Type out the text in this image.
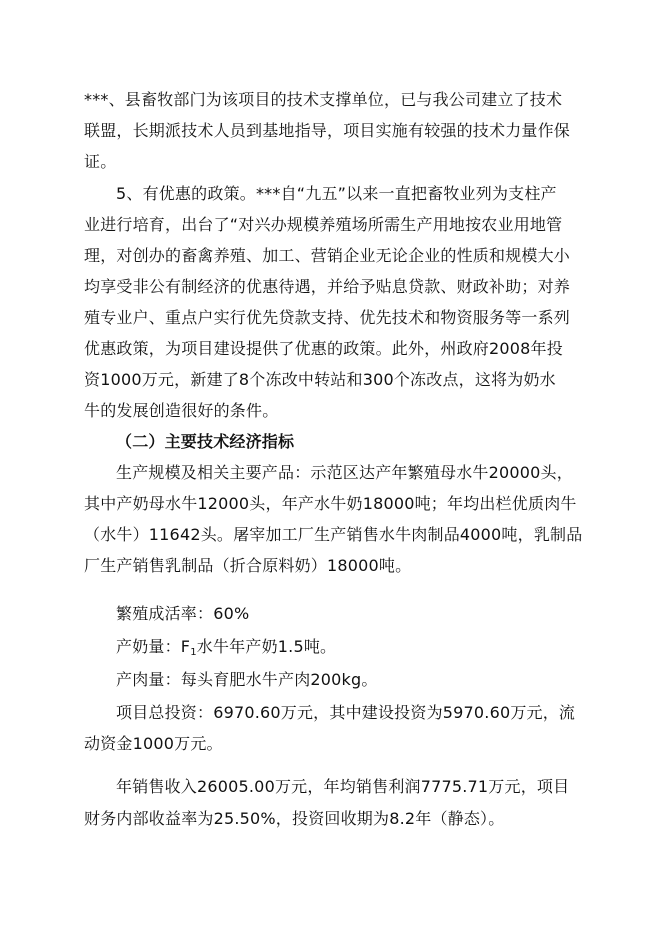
***、县畜牧部门为该项目的技术支撑单位，已与我公司建立了技术
联盟，长期派技术人员到基地指导，项目实施有较强的技术力量作保
证。
5、有优惠的政策。***自“九五”以来一直把畜牧业列为支柱产
业进行培育，出台了“对兴办规模养殖场所需生产用地按农业用地管
理，对创办的畜禽养殖、加工、营销企业无论企业的性质和规模大小
均享受非公有制经济的优惠待遇，并给予贴息贷款、财政补助；对养
殖专业户、重点户实行优先贷款支持、优先技术和物资服务等一系列
优惠政策，为项目建设提供了优惠的政策。此外，州政府2008年投
资1000万元，新建了8个冻改中转站和300个冻改点，这将为奶水
牛的发展创造很好的条件。
（二）主要技术经济指标
生产规模及相关主要产品：示范区达产年繁殖母水牛20000头，
其中产奶母水牛12000头，年产水牛奶18000吨；年均出栏优质肉牛
（水牛）11642头。屠宰加工厂生产销售水牛肉制品4000吨，乳制品
厂生产销售乳制品（折合原料奶）18000吨。
繁殖成活率：60%
产奶量：$F_1$水牛年产奶1.5吨。
产肉量：每头育肥水牛产肉200kg。
项目总投资：6970.60万元，其中建设投资为5970.60万元，流
动资金1000万元。
年销售收入26005.00万元，年均销售利润7775.71万元，项目
财务内部收益率为25.50%，投资回收期为8.2年（静态）。
